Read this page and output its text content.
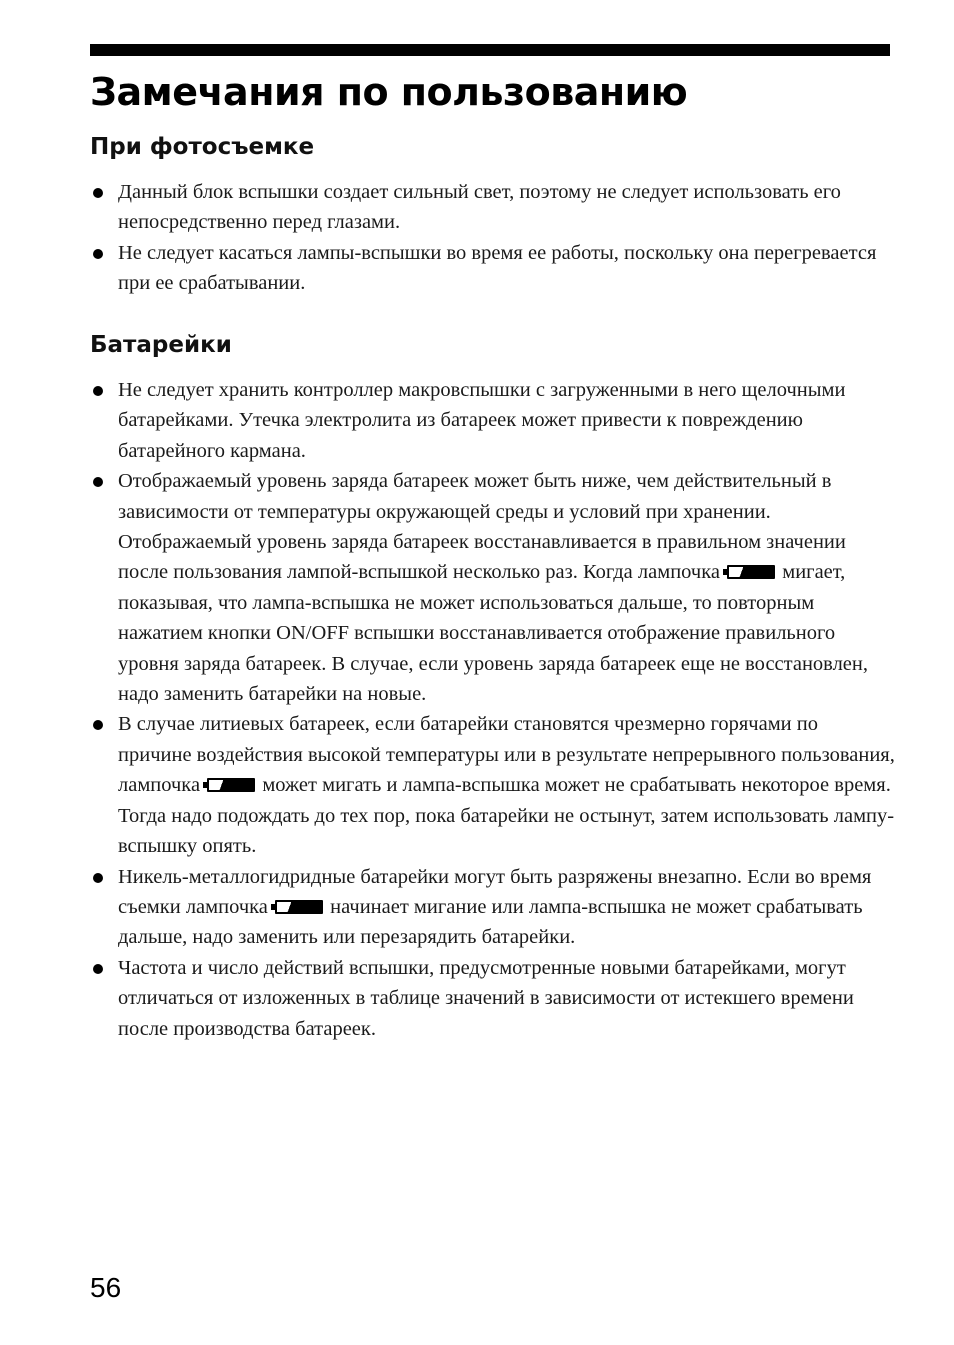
Замечания по пользованию
При фотосъемке
Данный блок вспышки создает сильный свет, поэтому не следует использовать его непосредственно перед глазами.
Не следует касаться лампы-вспышки во время ее работы, поскольку она перегревается при ее срабатывании.
Батарейки
Не следует хранить контроллер макровспышки с загруженными в него щелочными батарейками. Утечка электролита из батареек может привести к повреждению батарейного кармана.
Отображаемый уровень заряда батареек может быть ниже, чем действительный в зависимости от температуры окружающей среды и условий при хранении. Отображаемый уровень заряда батареек восстанавливается в правильном значении после пользования лампой-вспышкой несколько раз. Когда лампочка	мигает, показывая, что лампа-вспышка не может использоваться дальше, то повторным нажатием кнопки ON/OFF вспышки восстанавливается отображение правильного уровня заряда батареек. В случае, если уровень заряда батареек еще не восстановлен, надо заменить батарейки на новые.
В случае литиевых батареек, если батарейки становятся чрезмерно горячами по причине воздействия высокой температуры или в результате непрерывного пользования, лампочка	может мигать и лампа-вспышка может не срабатывать некоторое время. Тогда надо подождать до тех пор, пока батарейки не остынут, затем использовать лампу-вспышку опять.
Никель-металлогидридные батарейки могут быть разряжены внезапно. Если во время съемки лампочка	начинает мигание или лампа-вспышка не может срабатывать дальше, надо заменить или перезарядить батарейки.
Частота и число действий вспышки, предусмотренные новыми батарейками, могут отличаться от изложенных в таблице значений в зависимости от истекшего времени после производства батареек.
56
